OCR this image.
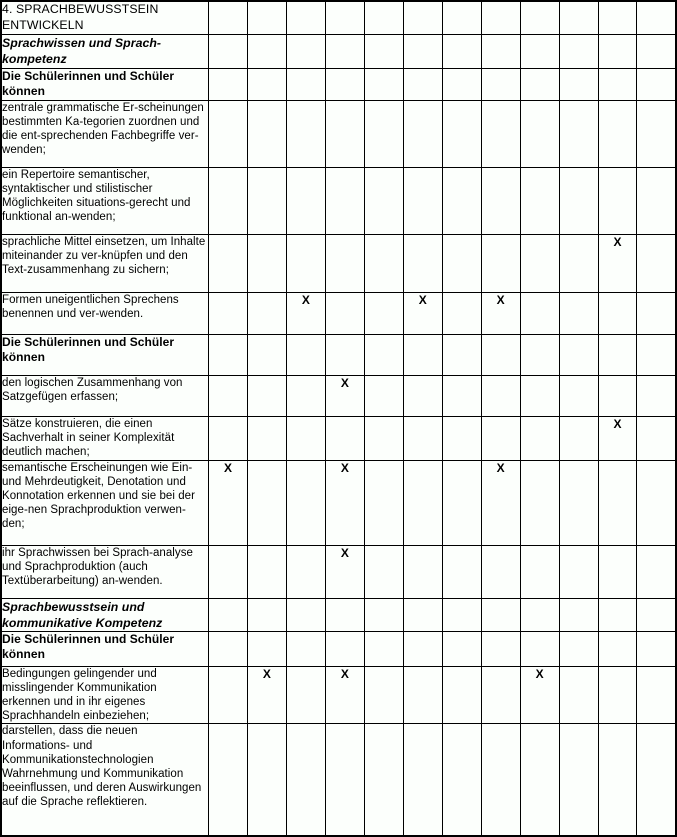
4. SPRACHBEWUSSTSEIN ENTWICKELN												
Sprachwissen und Sprach-kompetenz												
Die Schülerinnen und Schüler können												
zentrale grammatische Er-scheinungen bestimmten Ka-tegorien zuordnen und die ent-sprechenden Fachbegriffe ver-wenden;												
ein Repertoire semantischer, syntaktischer und stilistischer Möglichkeiten situations-gerecht und funktional an-wenden;												
sprachliche Mittel einsetzen, um Inhalte miteinander zu ver-knüpfen und den Text-zusammenhang zu sichern;											X	
Formen uneigentlichen Sprechens benennen und ver-wenden.			X			X		X				
Die Schülerinnen und Schüler können												
den logischen Zusammenhang von Satzgefügen erfassen;				X								
Sätze konstruieren, die einen Sachverhalt in seiner Komplexität deutlich machen;											X	
semantische Erscheinungen wie Ein- und Mehrdeutigkeit, Denotation und Konnotation erkennen und sie bei der eige-nen Sprachproduktion verwen-den;	X			X				X				
ihr Sprachwissen bei Sprach-analyse und Sprachproduktion (auch Textüberarbeitung) an-wenden.				X								
Sprachbewusstsein und kommunikative Kompetenz												
Die Schülerinnen und Schüler können												
Bedingungen gelingender und misslingender Kommunikation erkennen und in ihr eigenes Sprachhandeln einbeziehen;		X		X					X			
darstellen, dass die neuen Informations- und Kommunikationstechnologien Wahrnehmung und Kommunikation beeinflussen, und deren Auswirkungen auf die Sprache reflektieren.												
